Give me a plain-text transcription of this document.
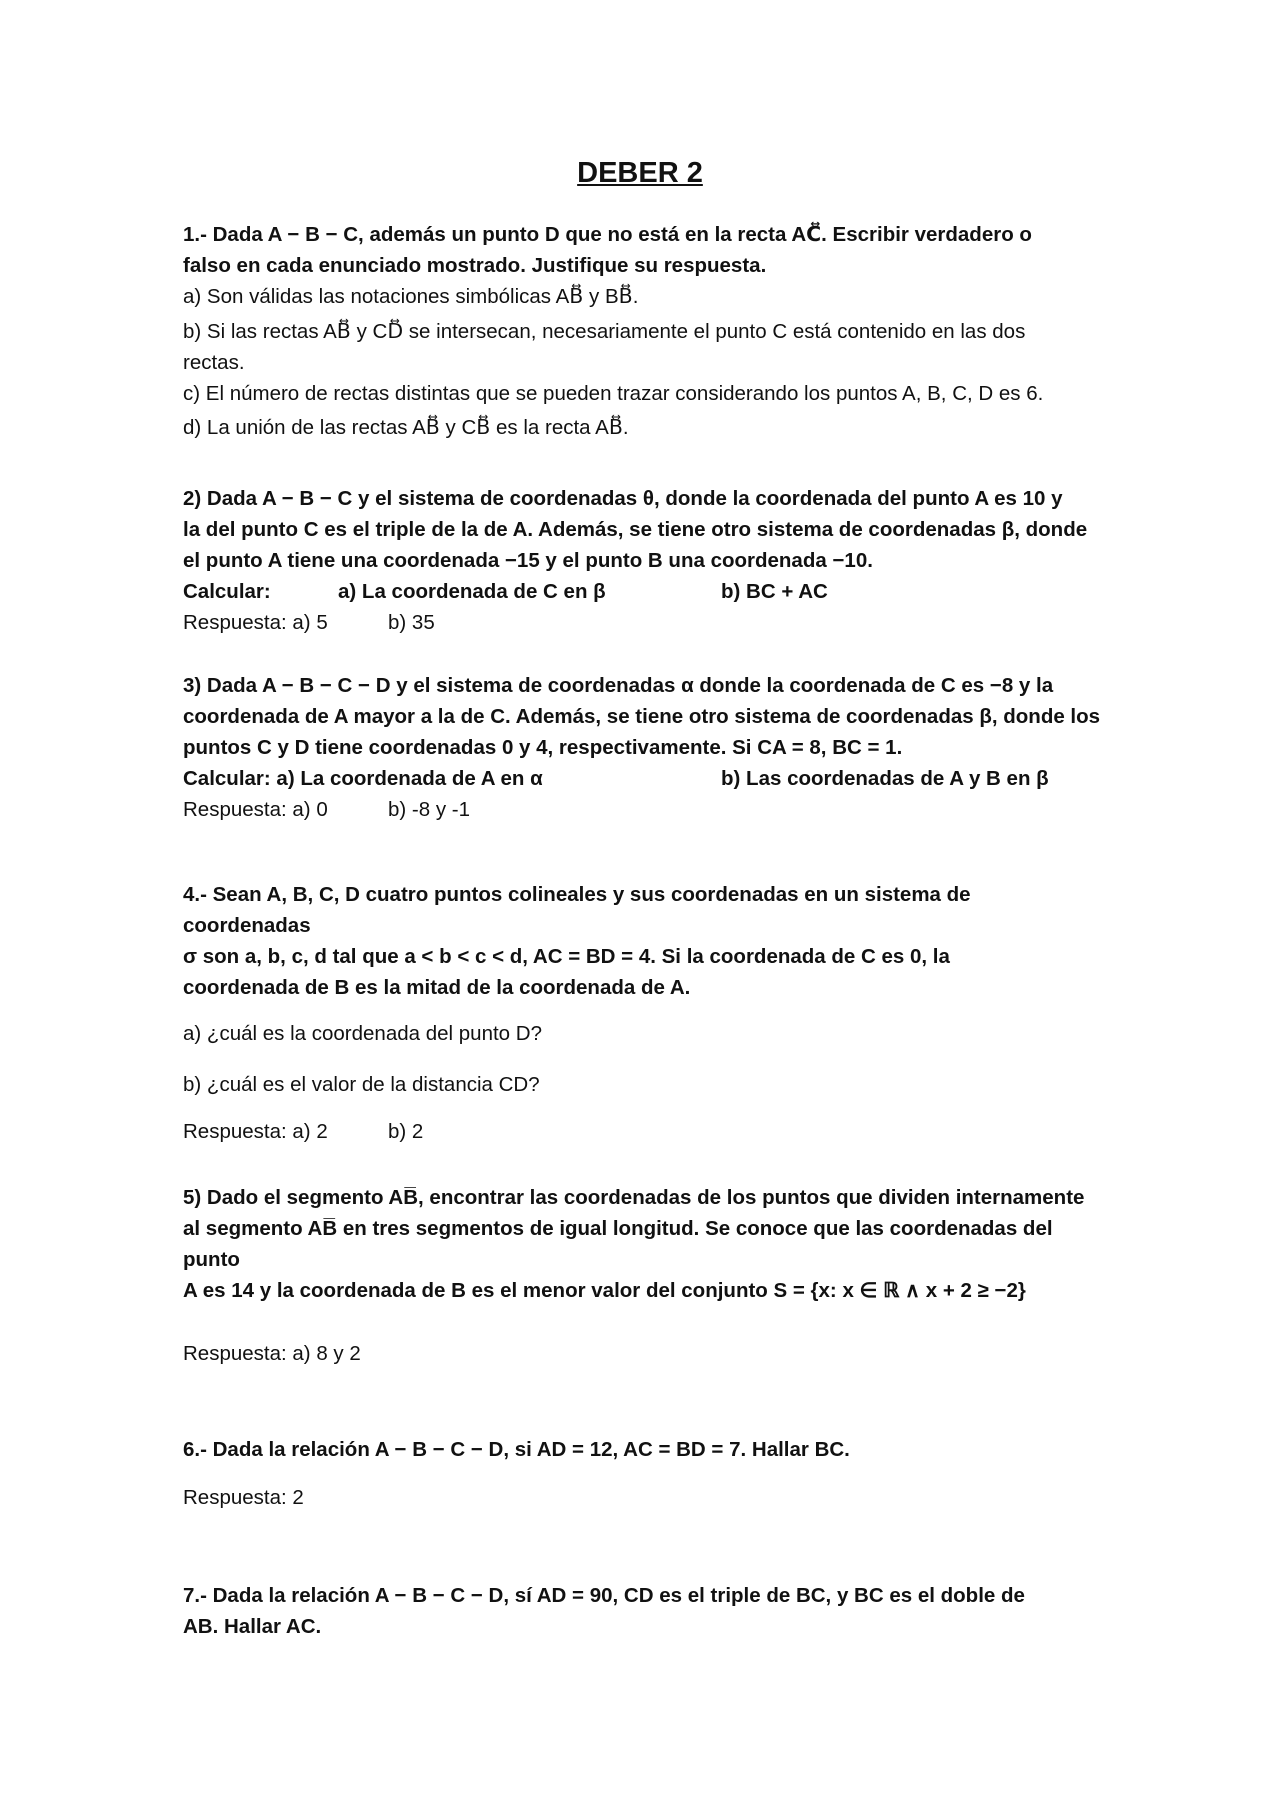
DEBER 2
1.- Dada A − B − C, además un punto D que no está en la recta AC⃡. Escribir verdadero o
falso en cada enunciado mostrado. Justifique su respuesta.
a) Son válidas las notaciones simbólicas AB⃡ y BB⃡.
b) Si las rectas AB⃡ y CD⃡ se intersecan, necesariamente el punto C está contenido en las dos
rectas.
c) El número de rectas distintas que se pueden trazar considerando los puntos A, B, C, D es 6.
d) La unión de las rectas AB⃡ y CB⃡ es la recta AB⃡.
2) Dada A − B − C y el sistema de coordenadas θ, donde la coordenada del punto A es 10 y
la del punto C es el triple de la de A. Además, se tiene otro sistema de coordenadas β, donde
el punto A tiene una coordenada −15 y el punto B una coordenada −10.
Calcular:	a) La coordenada de C en β	b) BC + AC
Respuesta: a) 5	b) 35
3) Dada A − B − C − D y el sistema de coordenadas α donde la coordenada de C es −8 y la
coordenada de A mayor a la de C. Además, se tiene otro sistema de coordenadas β, donde los
puntos C y D tiene coordenadas 0 y 4, respectivamente. Si CA = 8, BC = 1.
Calcular: a) La coordenada de A en α	b) Las coordenadas de A y B en β
Respuesta: a) 0	b) -8 y -1
4.- Sean A, B, C, D cuatro puntos colineales y sus coordenadas en un sistema de coordenadas
σ son a, b, c, d tal que a < b < c < d, AC = BD = 4. Si la coordenada de C es 0, la
coordenada de B es la mitad de la coordenada de A.
a) ¿cuál es la coordenada del punto D?
b) ¿cuál es el valor de la distancia CD?
Respuesta: a) 2	b) 2
5) Dado el segmento AB̅, encontrar las coordenadas de los puntos que dividen internamente
al segmento AB̅ en tres segmentos de igual longitud. Se conoce que las coordenadas del punto
A es 14 y la coordenada de B es el menor valor del conjunto S = {x: x ∈ ℝ ∧ x + 2 ≥ −2}
Respuesta: a) 8 y 2
6.- Dada la relación A − B − C − D, si AD = 12, AC = BD = 7. Hallar BC.
Respuesta: 2
7.- Dada la relación A − B − C − D, sí AD = 90, CD es el triple de BC, y BC es el doble de
AB. Hallar AC.
